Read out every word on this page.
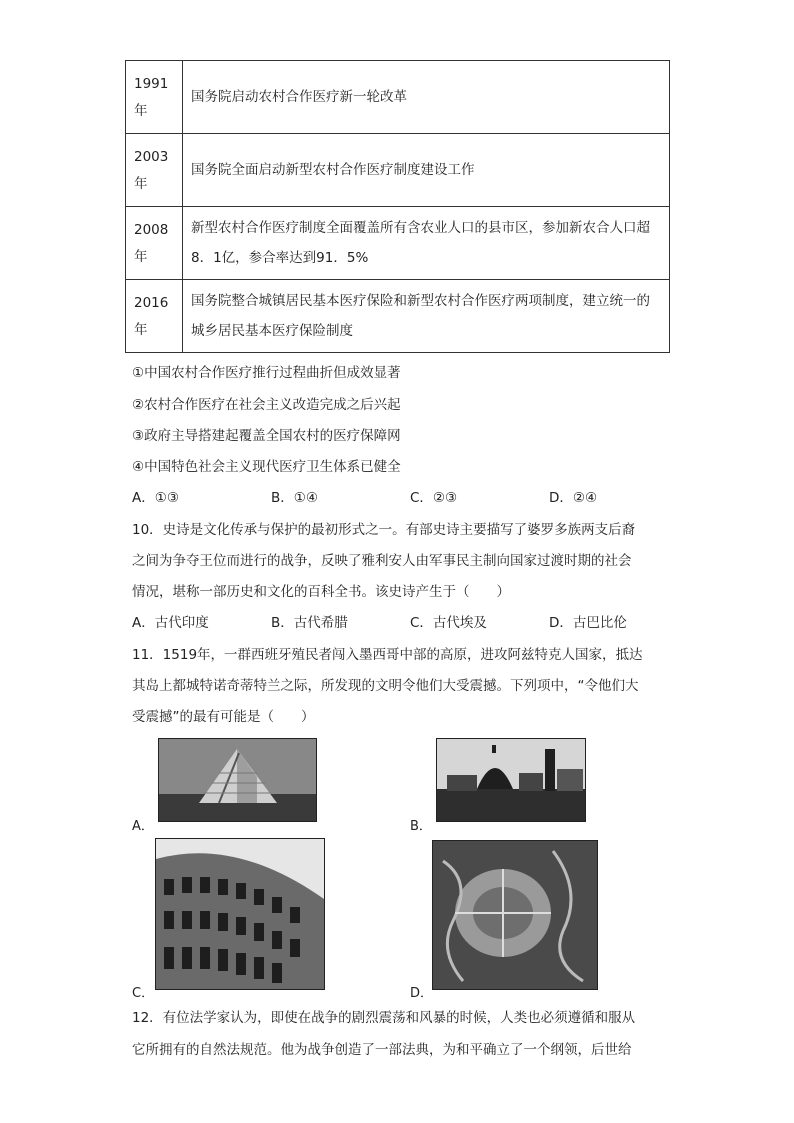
1991年	国务院启动农村合作医疗新一轮改革
2003年	国务院全面启动新型农村合作医疗制度建设工作
2008年	新型农村合作医疗制度全面覆盖所有含农业人口的县市区，参加新农合人口超8．1亿，参合率达到91．5%
2016年	国务院整合城镇居民基本医疗保险和新型农村合作医疗两项制度，建立统一的城乡居民基本医疗保险制度
①中国农村合作医疗推行过程曲折但成效显著
②农村合作医疗在社会主义改造完成之后兴起
③政府主导搭建起覆盖全国农村的医疗保障网
④中国特色社会主义现代医疗卫生体系已健全
A．①③	B．①④	C．②③	D．②④
10．史诗是文化传承与保护的最初形式之一。有部史诗主要描写了婆罗多族两支后裔
之间为争夺王位而进行的战争，反映了雅利安人由军事民主制向国家过渡时期的社会
情况，堪称一部历史和文化的百科全书。该史诗产生于（　　）
A．古代印度	B．古代希腊	C．古代埃及	D．古巴比伦
11．1519年，一群西班牙殖民者闯入墨西哥中部的高原，进攻阿兹特克人国家，抵达
其岛上都城特诺奇蒂特兰之际，所发现的文明令他们大受震撼。下列项中，“令他们大
受震撼”的最有可能是（　　）
A．	B．
C．	D．
12．有位法学家认为，即使在战争的剧烈震荡和风暴的时候，人类也必须遵循和服从
它所拥有的自然法规范。他为战争创造了一部法典，为和平确立了一个纲领，后世给
